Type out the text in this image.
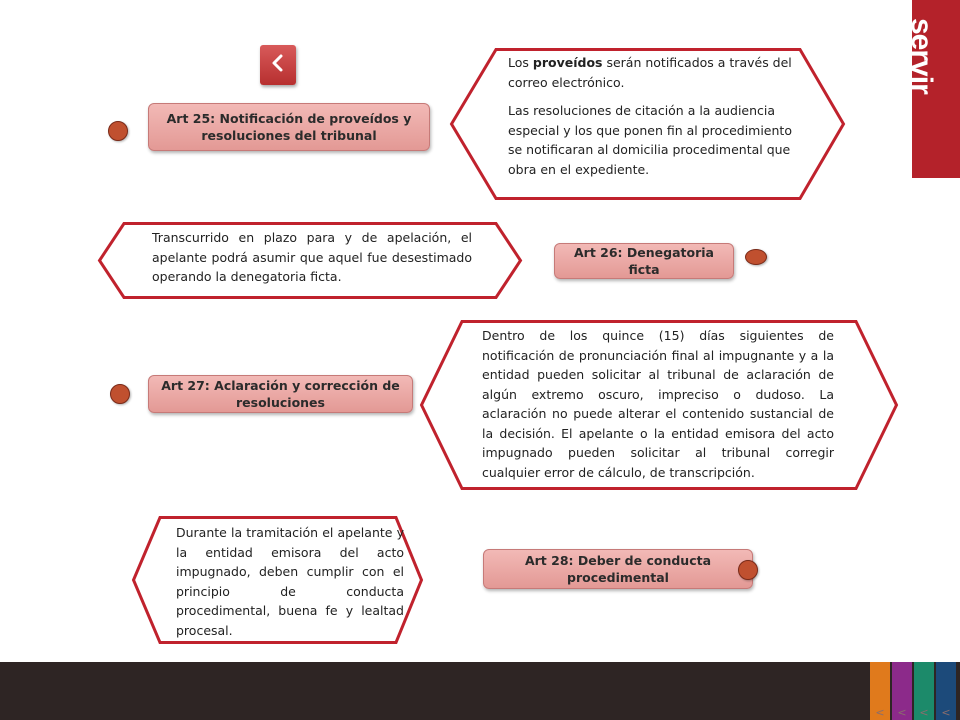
servir
HERRAMIENTA DEL PERÚ QUE CRECE
Art 25: Notificación de proveídos y resoluciones del tribunal

Los proveídos serán notificados a través del correo electrónico.

Las resoluciones de citación a la audiencia especial y los que ponen fin al procedimiento se notificaran al domicilia procedimental que obra en el expediente.

Transcurrido en plazo para y de apelación, el apelante podrá asumir que aquel fue desestimado operando la denegatoria ficta.

Art 26: Denegatoria ficta
Art 27: Aclaración y corrección de resoluciones

Dentro de los quince (15) días siguientes de notificación de pronunciación final al impugnante y a la entidad pueden solicitar al tribunal de aclaración de algún extremo oscuro, impreciso o dudoso. La aclaración no puede alterar el contenido sustancial de la decisión. El apelante o la entidad emisora del acto impugnado pueden solicitar al tribunal corregir cualquier error de cálculo, de transcripción.

Durante la tramitación el apelante y la entidad emisora del acto impugnado, deben cumplir con el principio de conducta procedimental, buena fe y lealtad procesal.

Art 28: Deber de conducta procedimental
<	<	<	<
